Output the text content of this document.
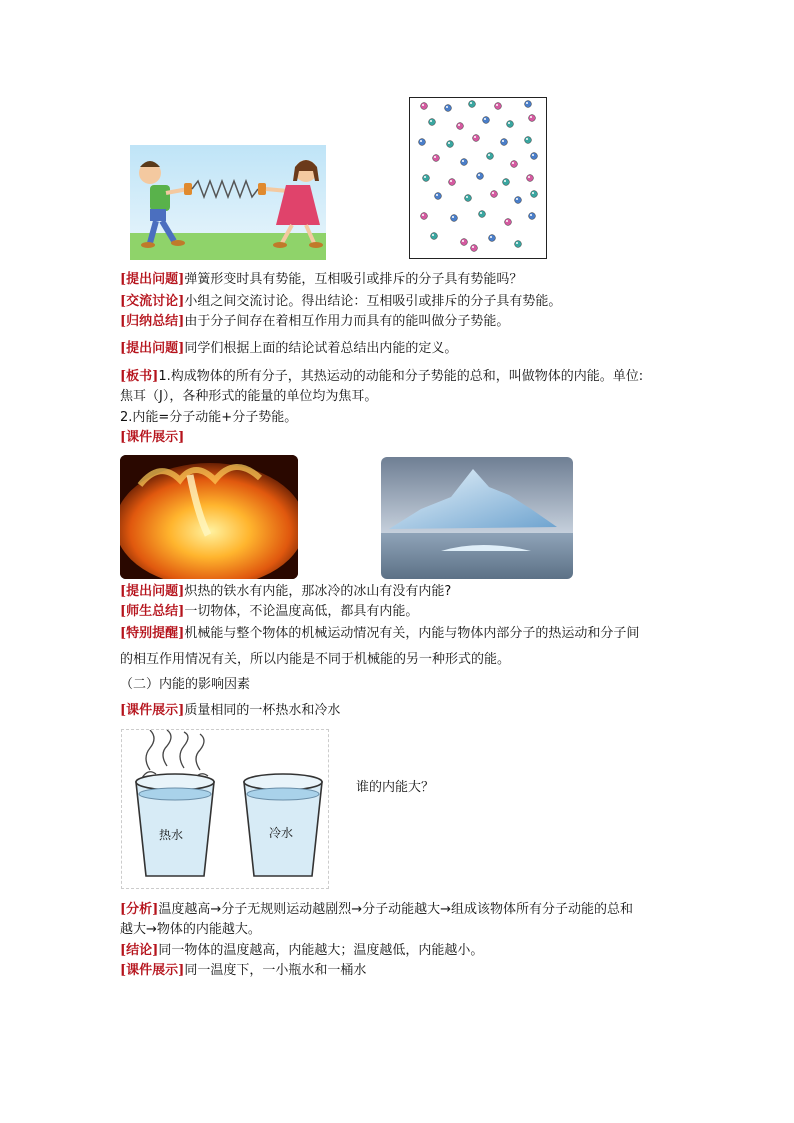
[提出问题]弹簧形变时具有势能，互相吸引或排斥的分子具有势能吗？
[交流讨论]小组之间交流讨论。得出结论：互相吸引或排斥的分子具有势能。
[归纳总结]由于分子间存在着相互作用力而具有的能叫做分子势能。
[提出问题]同学们根据上面的结论试着总结出内能的定义。
[板书]1.构成物体的所有分子，其热运动的动能和分子势能的总和，叫做物体的内能。单位:
焦耳（J），各种形式的能量的单位均为焦耳。
2.内能=分子动能+分子势能。
[课件展示]
[提出问题]炽热的铁水有内能，那冰冷的冰山有没有内能?
[师生总结]一切物体，不论温度高低，都具有内能。
[特别提醒]机械能与整个物体的机械运动情况有关，内能与物体内部分子的热运动和分子间
的相互作用情况有关，所以内能是不同于机械能的另一种形式的能。
（二）内能的影响因素
[课件展示]质量相同的一杯热水和冷水
热水	冷水
谁的内能大？
[分析]温度越高→分子无规则运动越剧烈→分子动能越大→组成该物体所有分子动能的总和
越大→物体的内能越大。
[结论]同一物体的温度越高，内能越大；温度越低，内能越小。
[课件展示]同一温度下，一小瓶水和一桶水
